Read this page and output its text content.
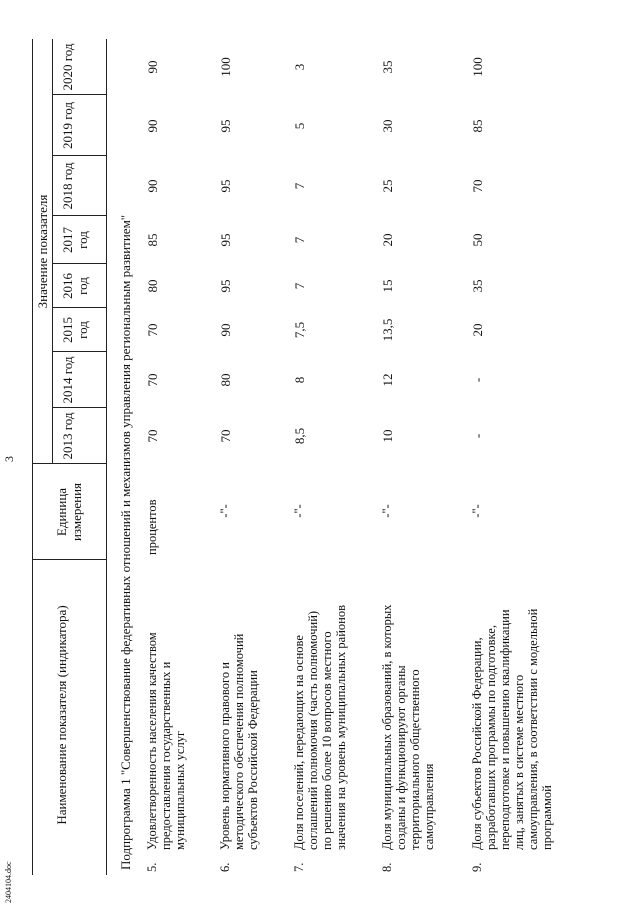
3
Наименование показателя (индикатора)
Единица измерения
Значение показателя
2013 год
2014 год
2015 год
2016 год
2017 год
2018 год
2019 год
2020 год
Подпрограмма 1 "Совершенствование федеративных отношений и механизмов управления региональным развитием" 5.
Удовлетворенность населения качеством предоставления государственных и муниципальных услуг
процентов
70
70
70
80
85
90
90
90
6.
Уровень нормативного правового и методического обеспечения полномочий субъектов Российской Федерации
-"-
70
80
90
95
95
95
95
100
7.
Доля поселений, передающих на основе соглашений полномочия (часть полномочий) по решению более 10 вопросов местного значения на уровень муниципальных районов
-"-
8,5
8
7,5
7
7
7
5
3
8.
Доля муниципальных образований, в которых созданы и функционируют органы территориального общественного самоуправления
-"-
10
12
13,5
15
20
25
30
35
9.
Доля субъектов Российской Федерации, разработавших программы по подготовке, переподготовке и повышению квалификации лиц, занятых в системе местного самоуправления, в соответствии с модельной программой
-"-
-
-
20
35
50
70
85
100
2404104.doc
